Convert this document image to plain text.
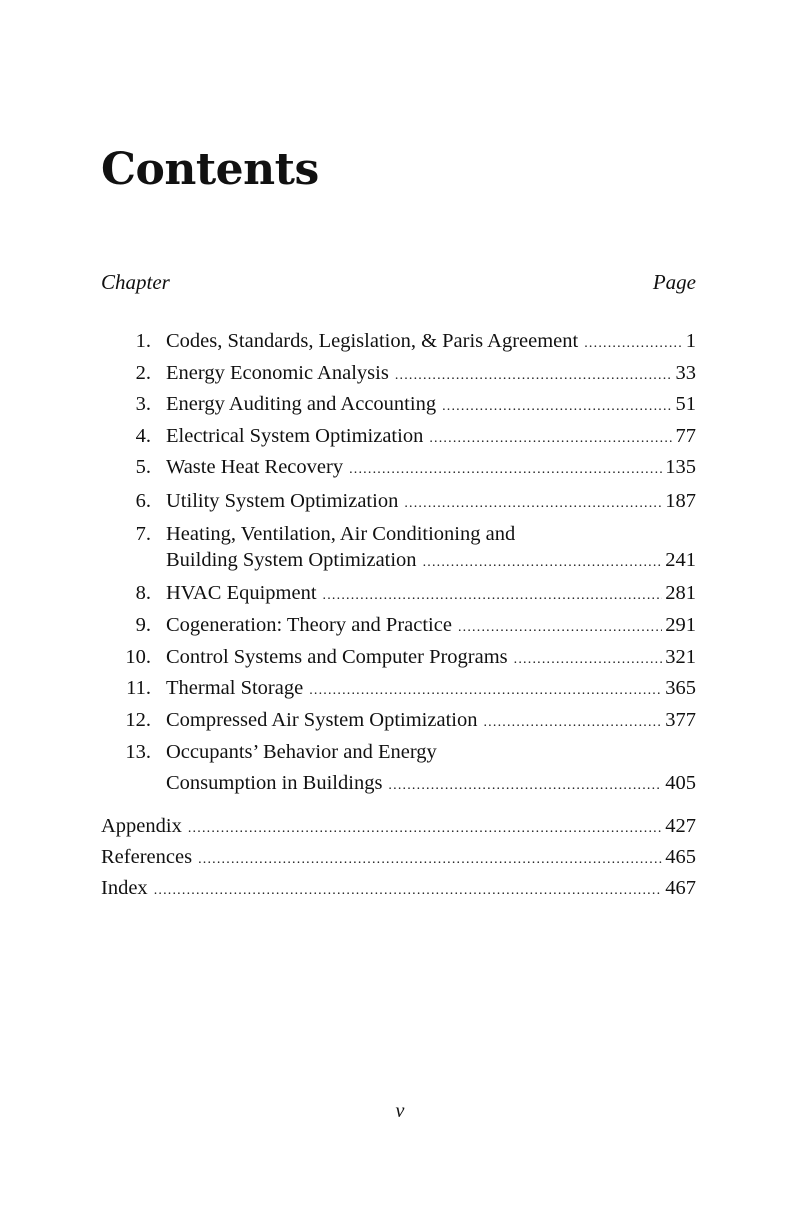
Contents
Chapter	Page
1. Codes, Standards, Legislation, & Paris Agreement .....	1
2. Energy Economic Analysis .....	33
3. Energy Auditing and Accounting .....	51
4. Electrical System Optimization .....	77
5. Waste Heat Recovery .....	135
6. Utility System Optimization .....	187
7. Heating, Ventilation, Air Conditioning and
Building System Optimization .....	241
8. HVAC Equipment .....	281
9. Cogeneration: Theory and Practice .....	291
10. Control Systems and Computer Programs .....	321
11. Thermal Storage .....	365
12. Compressed Air System Optimization .....	377
13. Occupants’ Behavior and Energy
Consumption in Buildings .....	405
Appendix .....	427
References .....	465
Index .....	467
v
